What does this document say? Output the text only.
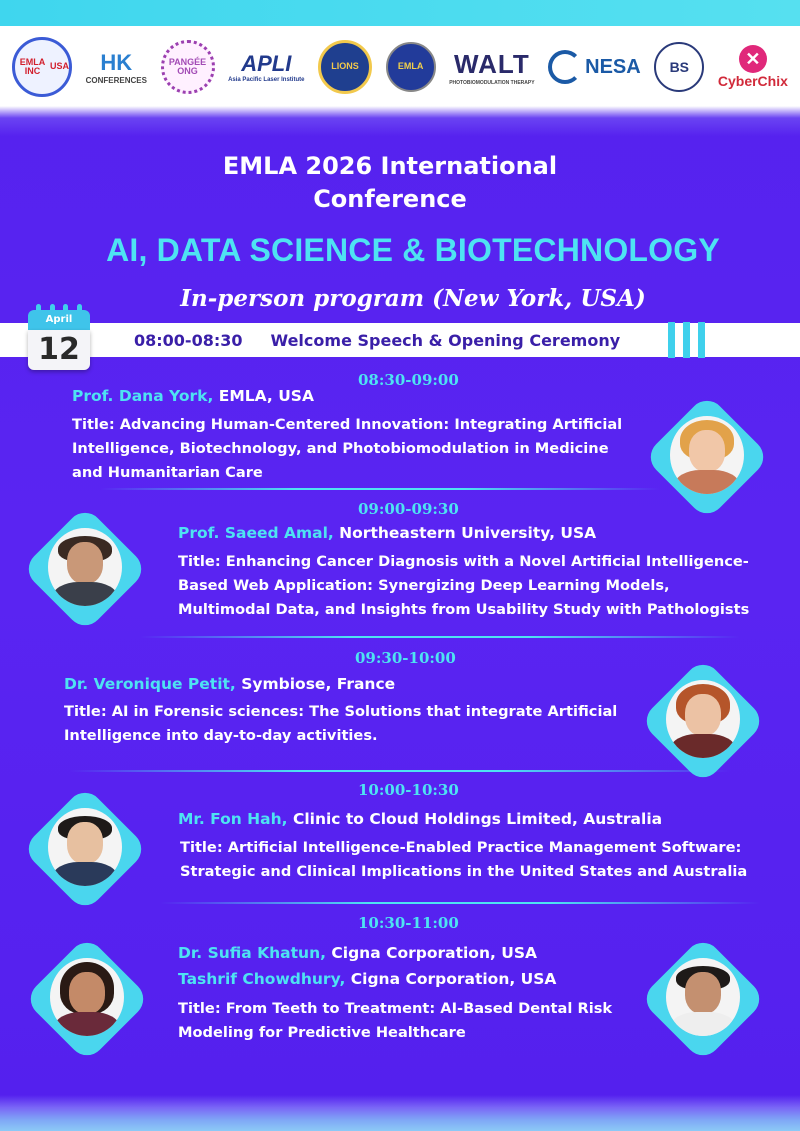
EMLA INC	USA HK
CONFERENCES
PANGÉE ONG	APLI
Asia Pacific Laser Institute
LIONS	EMLA WALT
PHOTOBIOMODULATION THERAPY
NESA BS	✕
CyberChix
EMLA 2026 International
Conference
AI, DATA SCIENCE & BIOTECHNOLOGY
In-person program (New York, USA)
08:00-08:30 Welcome Speech & Opening Ceremony
April
12
08:30-09:00
Prof. Dana York, EMLA, USA
Title: Advancing Human-Centered Innovation: Integrating Artificial
Intelligence, Biotechnology, and Photobiomodulation in Medicine
and Humanitarian Care
09:00-09:30
Prof. Saeed Amal, Northeastern University, USA
Title: Enhancing Cancer Diagnosis with a Novel Artificial Intelligence-
Based Web Application: Synergizing Deep Learning Models,
Multimodal Data, and Insights from Usability Study with Pathologists
09:30-10:00
Dr. Veronique Petit, Symbiose, France
Title: AI in Forensic sciences: The Solutions that integrate Artificial
Intelligence into day-to-day activities.
10:00-10:30
Mr. Fon Hah, Clinic to Cloud Holdings Limited, Australia
Title: Artificial Intelligence-Enabled Practice Management Software:
Strategic and Clinical Implications in the United States and Australia
10:30-11:00
Dr. Sufia Khatun, Cigna Corporation, USA
Tashrif Chowdhury, Cigna Corporation, USA
Title: From Teeth to Treatment: AI-Based Dental Risk
Modeling for Predictive Healthcare
